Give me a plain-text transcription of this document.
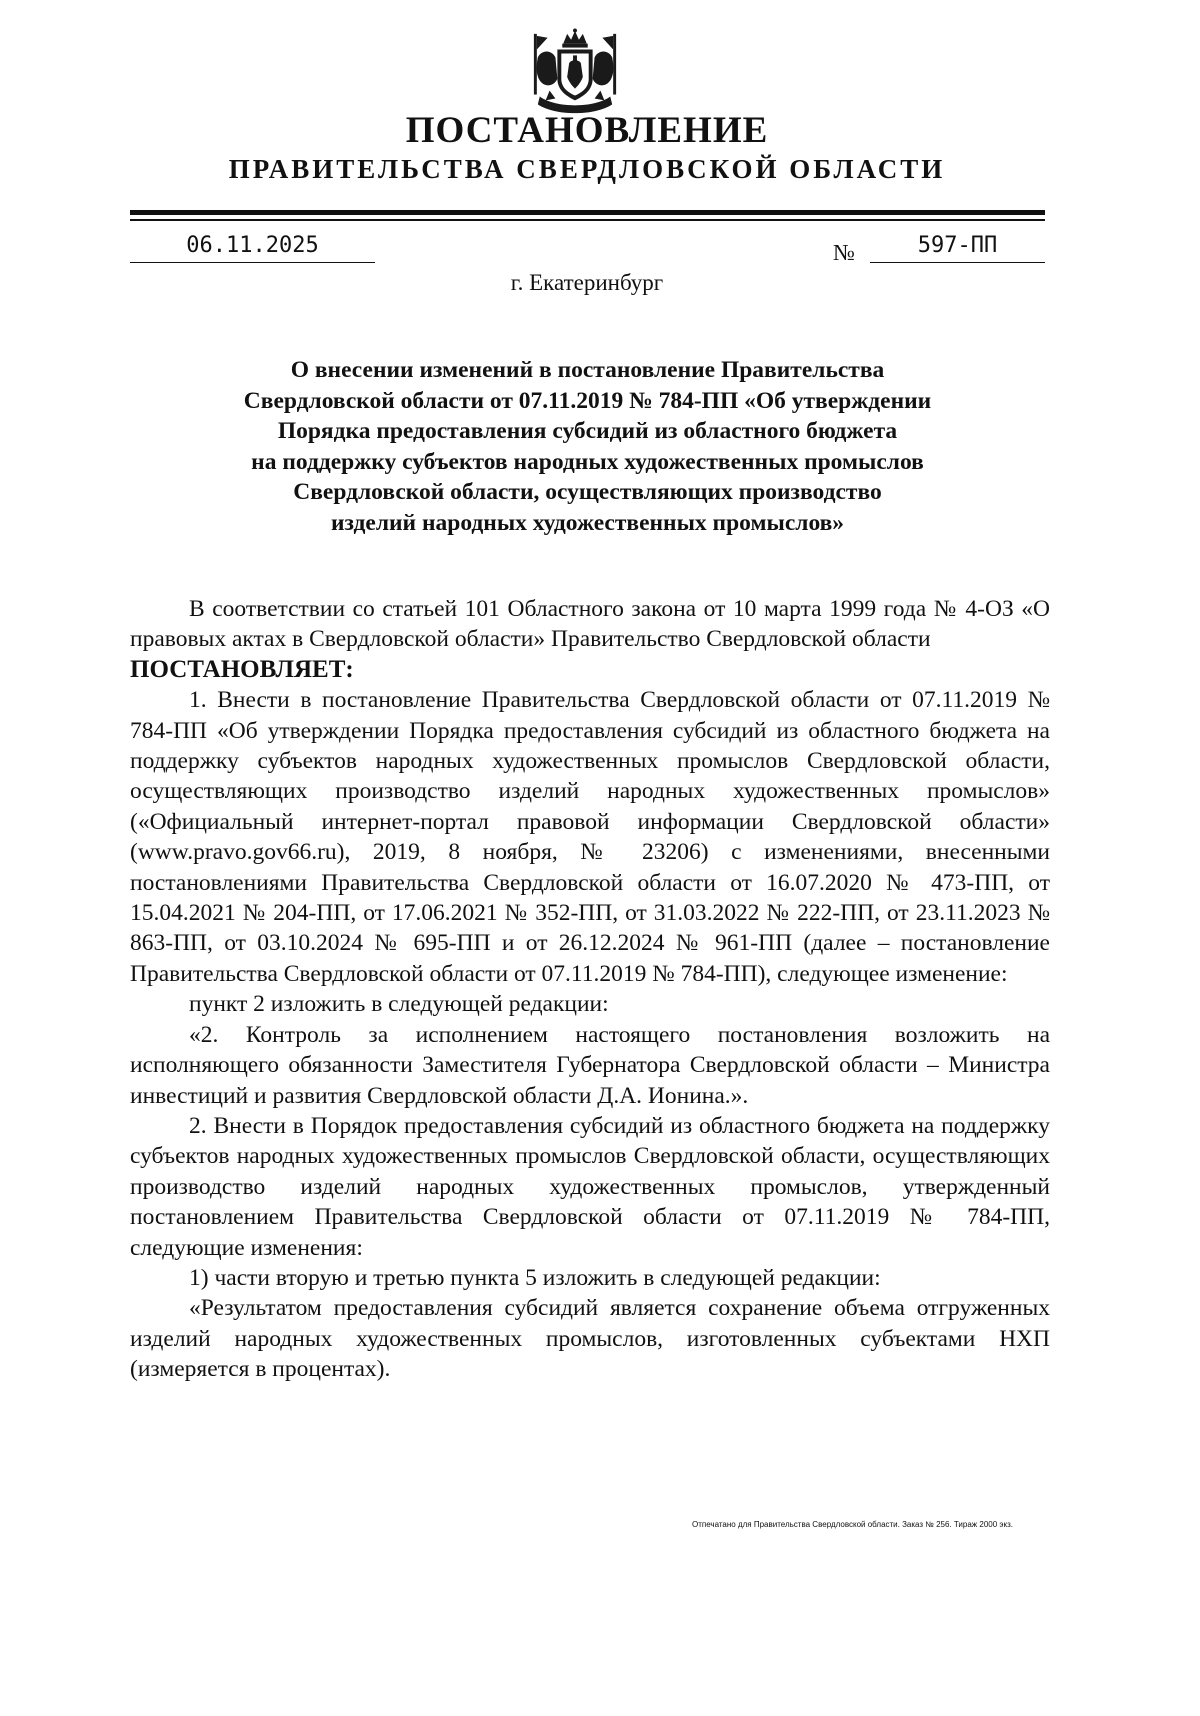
ПОСТАНОВЛЕНИЕ
ПРАВИТЕЛЬСТВА СВЕРДЛОВСКОЙ ОБЛАСТИ
06.11.2025	№	597-ПП
г. Екатеринбург
О внесении изменений в постановление Правительства
Свердловской области от 07.11.2019 № 784-ПП «Об утверждении
Порядка предоставления субсидий из областного бюджета
на поддержку субъектов народных художественных промыслов
Свердловской области, осуществляющих производство
изделий народных художественных промыслов»

В соответствии со статьей 101 Областного закона от 10 марта 1999 года № 4-ОЗ «О правовых актах в Свердловской области» Правительство Свердловской области

ПОСТАНОВЛЯЕТ:

1. Внести в постановление Правительства Свердловской области от 07.11.2019 № 784-ПП «Об утверждении Порядка предоставления субсидий из областного бюджета на поддержку субъектов народных художественных промыслов Свердловской области, осуществляющих производство изделий народных художественных промыслов» («Официальный интернет-портал правовой информации Свердловской области» (www.pravo.gov66.ru), 2019, 8 ноября, № 23206) с изменениями, внесенными постановлениями Правительства Свердловской области от 16.07.2020 № 473-ПП, от 15.04.2021 № 204-ПП, от 17.06.2021 № 352-ПП, от 31.03.2022 № 222-ПП, от 23.11.2023 № 863-ПП, от 03.10.2024 № 695-ПП и от 26.12.2024 № 961-ПП (далее – постановление Правительства Свердловской области от 07.11.2019 № 784-ПП), следующее изменение:

пункт 2 изложить в следующей редакции:

«2. Контроль за исполнением настоящего постановления возложить на исполняющего обязанности Заместителя Губернатора Свердловской области – Министра инвестиций и развития Свердловской области Д.А. Ионина.».

2. Внести в Порядок предоставления субсидий из областного бюджета на поддержку субъектов народных художественных промыслов Свердловской области, осуществляющих производство изделий народных художественных промыслов, утвержденный постановлением Правительства Свердловской области от 07.11.2019 № 784-ПП, следующие изменения:

1) части вторую и третью пункта 5 изложить в следующей редакции:

«Результатом предоставления субсидий является сохранение объема отгруженных изделий народных художественных промыслов, изготовленных субъектами НХП (измеряется в процентах).

Отпечатано для Правительства Свердловской области. Заказ № 256. Тираж 2000 экз.
